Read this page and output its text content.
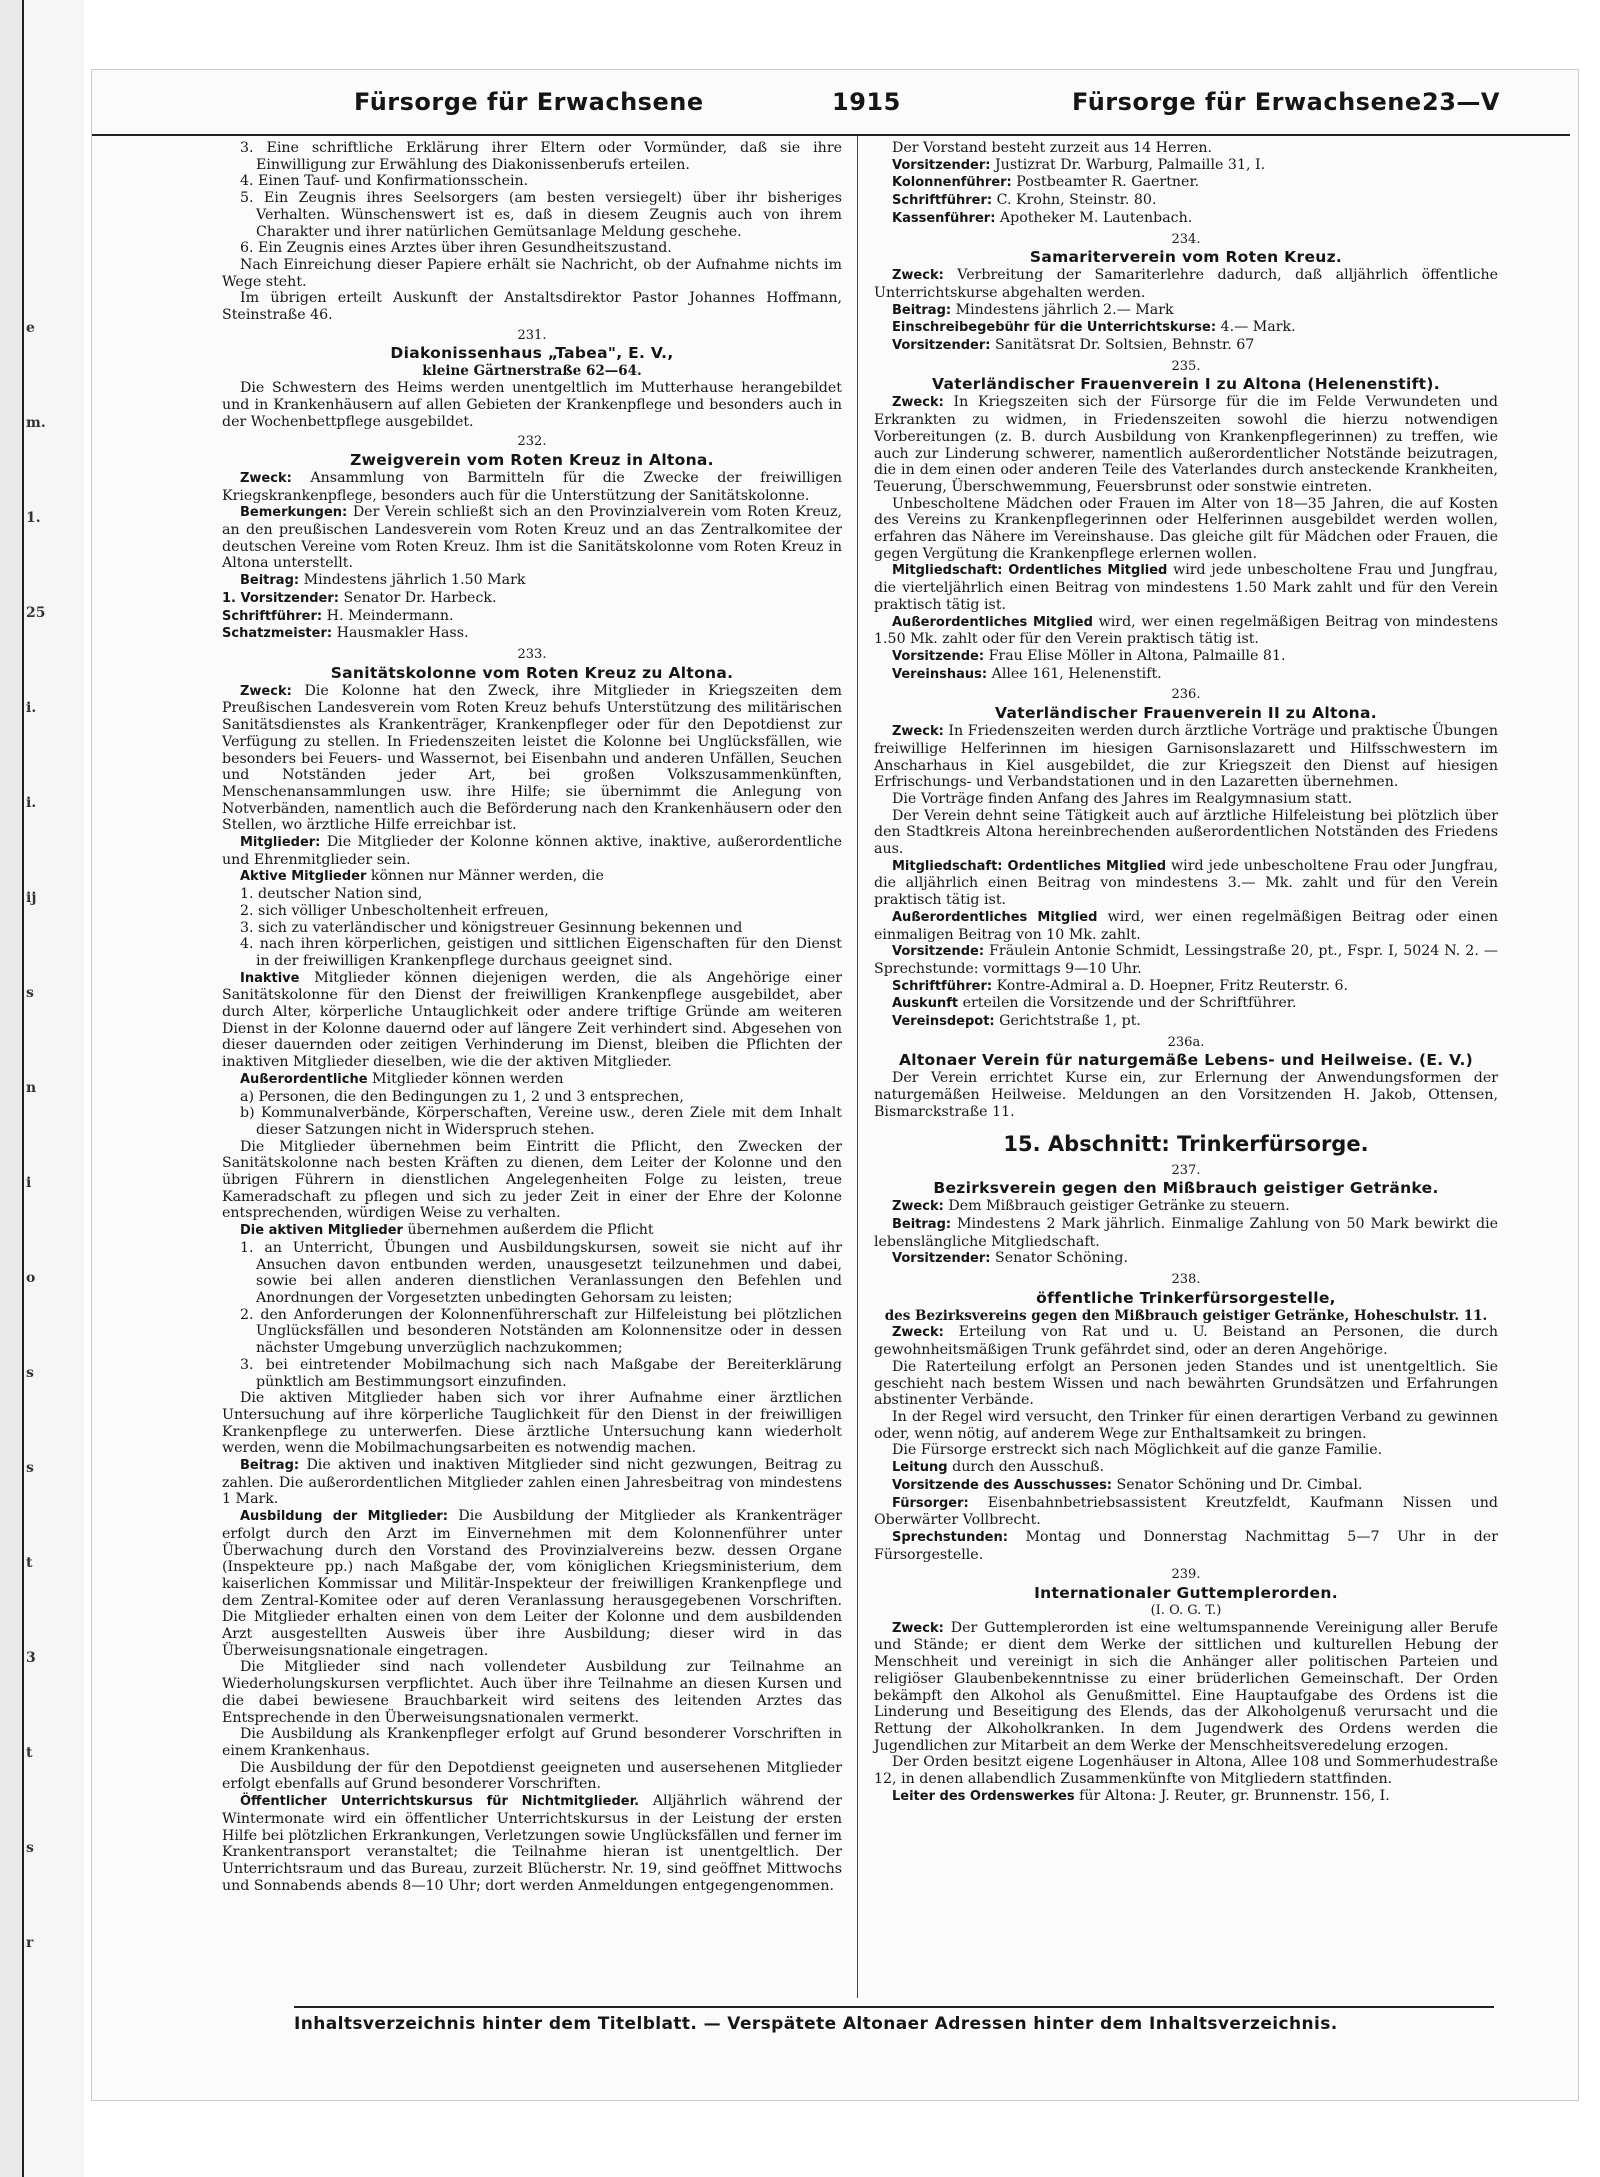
e
m.
1.
25
i.
i.
ij
s
n
i
o
s
s
t
3
t
s
r
Fürsorge für Erwachsene	1915	Fürsorge für Erwachsene 23—V

3. Eine schriftliche Erklärung ihrer Eltern oder Vormünder, daß sie ihre Einwilligung zur Erwählung des Diakonissenberufs erteilen.

4. Einen Tauf- und Konfirmationsschein.

5. Ein Zeugnis ihres Seelsorgers (am besten versiegelt) über ihr bisheriges Verhalten. Wünschenswert ist es, daß in diesem Zeugnis auch von ihrem Charakter und ihrer natürlichen Gemütsanlage Meldung geschehe.

6. Ein Zeugnis eines Arztes über ihren Gesundheitszustand.

Nach Einreichung dieser Papiere erhält sie Nachricht, ob der Aufnahme nichts im Wege steht.

Im übrigen erteilt Auskunft der Anstaltsdirektor Pastor Johannes Hoffmann, Steinstraße 46.

231.
Diakonissenhaus „Tabea", E. V.,
kleine Gärtnerstraße 62—64.

Die Schwestern des Heims werden unentgeltlich im Mutterhause herangebildet und in Krankenhäusern auf allen Gebieten der Krankenpflege und besonders auch in der Wochenbettpflege ausgebildet.

232.
Zweigverein vom Roten Kreuz in Altona.

Zweck: Ansammlung von Barmitteln für die Zwecke der freiwilligen Kriegskrankenpflege, besonders auch für die Unterstützung der Sanitätskolonne.

Bemerkungen: Der Verein schließt sich an den Provinzialverein vom Roten Kreuz, an den preußischen Landesverein vom Roten Kreuz und an das Zentralkomitee der deutschen Vereine vom Roten Kreuz. Ihm ist die Sanitätskolonne vom Roten Kreuz in Altona unterstellt.

Beitrag: Mindestens jährlich 1.50 Mark

1. Vorsitzender: Senator Dr. Harbeck.

Schriftführer: H. Meindermann.

Schatzmeister: Hausmakler Hass.

233.
Sanitätskolonne vom Roten Kreuz zu Altona.

Zweck: Die Kolonne hat den Zweck, ihre Mitglieder in Kriegszeiten dem Preußischen Landesverein vom Roten Kreuz behufs Unterstützung des militärischen Sanitätsdienstes als Krankenträger, Krankenpfleger oder für den Depotdienst zur Verfügung zu stellen. In Friedenszeiten leistet die Kolonne bei Unglücksfällen, wie besonders bei Feuers- und Wassernot, bei Eisenbahn und anderen Unfällen, Seuchen und Notständen jeder Art, bei großen Volkszusammenkünften, Menschenansammlungen usw. ihre Hilfe; sie übernimmt die Anlegung von Notverbänden, namentlich auch die Beförderung nach den Krankenhäusern oder den Stellen, wo ärztliche Hilfe erreichbar ist.

Mitglieder: Die Mitglieder der Kolonne können aktive, inaktive, außerordentliche und Ehrenmitglieder sein.

Aktive Mitglieder können nur Männer werden, die

1. deutscher Nation sind,

2. sich völliger Unbescholtenheit erfreuen,

3. sich zu vaterländischer und königstreuer Gesinnung bekennen und

4. nach ihren körperlichen, geistigen und sittlichen Eigenschaften für den Dienst in der freiwilligen Krankenpflege durchaus geeignet sind.

Inaktive Mitglieder können diejenigen werden, die als Angehörige einer Sanitätskolonne für den Dienst der freiwilligen Krankenpflege ausgebildet, aber durch Alter, körperliche Untauglichkeit oder andere triftige Gründe am weiteren Dienst in der Kolonne dauernd oder auf längere Zeit verhindert sind. Abgesehen von dieser dauernden oder zeitigen Verhinderung im Dienst, bleiben die Pflichten der inaktiven Mitglieder dieselben, wie die der aktiven Mitglieder.

Außerordentliche Mitglieder können werden

a) Personen, die den Bedingungen zu 1, 2 und 3 entsprechen,

b) Kommunalverbände, Körperschaften, Vereine usw., deren Ziele mit dem Inhalt dieser Satzungen nicht in Widerspruch stehen.

Die Mitglieder übernehmen beim Eintritt die Pflicht, den Zwecken der Sanitätskolonne nach besten Kräften zu dienen, dem Leiter der Kolonne und den übrigen Führern in dienstlichen Angelegenheiten Folge zu leisten, treue Kameradschaft zu pflegen und sich zu jeder Zeit in einer der Ehre der Kolonne entsprechenden, würdigen Weise zu verhalten.

Die aktiven Mitglieder übernehmen außerdem die Pflicht

1. an Unterricht, Übungen und Ausbildungskursen, soweit sie nicht auf ihr Ansuchen davon entbunden werden, unausgesetzt teilzunehmen und dabei, sowie bei allen anderen dienstlichen Veranlassungen den Befehlen und Anordnungen der Vorgesetzten unbedingten Gehorsam zu leisten;

2. den Anforderungen der Kolonnenführerschaft zur Hilfeleistung bei plötzlichen Unglücksfällen und besonderen Notständen am Kolonnensitze oder in dessen nächster Umgebung unverzüglich nachzukommen;

3. bei eintretender Mobilmachung sich nach Maßgabe der Bereiterklärung pünktlich am Bestimmungsort einzufinden.

Die aktiven Mitglieder haben sich vor ihrer Aufnahme einer ärztlichen Untersuchung auf ihre körperliche Tauglichkeit für den Dienst in der freiwilligen Krankenpflege zu unterwerfen. Diese ärztliche Untersuchung kann wiederholt werden, wenn die Mobilmachungsarbeiten es notwendig machen.

Beitrag: Die aktiven und inaktiven Mitglieder sind nicht gezwungen, Beitrag zu zahlen. Die außerordentlichen Mitglieder zahlen einen Jahresbeitrag von mindestens 1 Mark.

Ausbildung der Mitglieder: Die Ausbildung der Mitglieder als Krankenträger erfolgt durch den Arzt im Einvernehmen mit dem Kolonnenführer unter Überwachung durch den Vorstand des Provinzialvereins bezw. dessen Organe (Inspekteure pp.) nach Maßgabe der, vom königlichen Kriegsministerium, dem kaiserlichen Kommissar und Militär-Inspekteur der freiwilligen Krankenpflege und dem Zentral-Komitee oder auf deren Veranlassung herausgegebenen Vorschriften. Die Mitglieder erhalten einen von dem Leiter der Kolonne und dem ausbildenden Arzt ausgestellten Ausweis über ihre Ausbildung; dieser wird in das Überweisungsnationale eingetragen.

Die Mitglieder sind nach vollendeter Ausbildung zur Teilnahme an Wiederholungskursen verpflichtet. Auch über ihre Teilnahme an diesen Kursen und die dabei bewiesene Brauchbarkeit wird seitens des leitenden Arztes das Entsprechende in den Überweisungsnationalen vermerkt.

Die Ausbildung als Krankenpfleger erfolgt auf Grund besonderer Vorschriften in einem Krankenhaus.

Die Ausbildung der für den Depotdienst geeigneten und ausersehenen Mitglieder erfolgt ebenfalls auf Grund besonderer Vorschriften.

Öffentlicher Unterrichtskursus für Nichtmitglieder. Alljährlich während der Wintermonate wird ein öffentlicher Unterrichtskursus in der Leistung der ersten Hilfe bei plötzlichen Erkrankungen, Verletzungen sowie Unglücksfällen und ferner im Krankentransport veranstaltet; die Teilnahme hieran ist unentgeltlich. Der Unterrichtsraum und das Bureau, zurzeit Blücherstr. Nr. 19, sind geöffnet Mittwochs und Sonnabends abends 8—10 Uhr; dort werden Anmeldungen entgegengenommen.

Der Vorstand besteht zurzeit aus 14 Herren.

Vorsitzender: Justizrat Dr. Warburg, Palmaille 31, I.

Kolonnenführer: Postbeamter R. Gaertner.

Schriftführer: C. Krohn, Steinstr. 80.

Kassenführer: Apotheker M. Lautenbach.

234.
Samariterverein vom Roten Kreuz.

Zweck: Verbreitung der Samariterlehre dadurch, daß alljährlich öffentliche Unterrichtskurse abgehalten werden.

Beitrag: Mindestens jährlich 2.— Mark

Einschreibegebühr für die Unterrichtskurse: 4.— Mark.

Vorsitzender: Sanitätsrat Dr. Soltsien, Behnstr. 67

235.
Vaterländischer Frauenverein I zu Altona (Helenenstift).

Zweck: In Kriegszeiten sich der Fürsorge für die im Felde Verwundeten und Erkrankten zu widmen, in Friedenszeiten sowohl die hierzu notwendigen Vorbereitungen (z. B. durch Ausbildung von Krankenpflegerinnen) zu treffen, wie auch zur Linderung schwerer, namentlich außerordentlicher Notstände beizutragen, die in dem einen oder anderen Teile des Vaterlandes durch ansteckende Krankheiten, Teuerung, Überschwemmung, Feuersbrunst oder sonstwie eintreten.

Unbescholtene Mädchen oder Frauen im Alter von 18—35 Jahren, die auf Kosten des Vereins zu Krankenpflegerinnen oder Helferinnen ausgebildet werden wollen, erfahren das Nähere im Vereinshause. Das gleiche gilt für Mädchen oder Frauen, die gegen Vergütung die Krankenpflege erlernen wollen.

Mitgliedschaft: Ordentliches Mitglied wird jede unbescholtene Frau und Jungfrau, die vierteljährlich einen Beitrag von mindestens 1.50 Mark zahlt und für den Verein praktisch tätig ist.

Außerordentliches Mitglied wird, wer einen regelmäßigen Beitrag von mindestens 1.50 Mk. zahlt oder für den Verein praktisch tätig ist.

Vorsitzende: Frau Elise Möller in Altona, Palmaille 81.

Vereinshaus: Allee 161, Helenenstift.

236.
Vaterländischer Frauenverein II zu Altona.

Zweck: In Friedenszeiten werden durch ärztliche Vorträge und praktische Übungen freiwillige Helferinnen im hiesigen Garnisonslazarett und Hilfsschwestern im Anscharhaus in Kiel ausgebildet, die zur Kriegszeit den Dienst auf hiesigen Erfrischungs- und Verbandstationen und in den Lazaretten übernehmen.

Die Vorträge finden Anfang des Jahres im Realgymnasium statt.

Der Verein dehnt seine Tätigkeit auch auf ärztliche Hilfeleistung bei plötzlich über den Stadtkreis Altona hereinbrechenden außerordentlichen Notständen des Friedens aus.

Mitgliedschaft: Ordentliches Mitglied wird jede unbescholtene Frau oder Jungfrau, die alljährlich einen Beitrag von mindestens 3.— Mk. zahlt und für den Verein praktisch tätig ist.

Außerordentliches Mitglied wird, wer einen regelmäßigen Beitrag oder einen einmaligen Beitrag von 10 Mk. zahlt.

Vorsitzende: Fräulein Antonie Schmidt, Lessingstraße 20, pt., Fspr. I, 5024 N. 2. — Sprechstunde: vormittags 9—10 Uhr.

Schriftführer: Kontre-Admiral a. D. Hoepner, Fritz Reuterstr. 6.

Auskunft erteilen die Vorsitzende und der Schriftführer.

Vereinsdepot: Gerichtstraße 1, pt.

236a.
Altonaer Verein für naturgemäße Lebens- und Heilweise. (E. V.)

Der Verein errichtet Kurse ein, zur Erlernung der Anwendungsformen der naturgemäßen Heilweise. Meldungen an den Vorsitzenden H. Jakob, Ottensen, Bismarckstraße 11.

15. Abschnitt: Trinkerfürsorge.
237.
Bezirksverein gegen den Mißbrauch geistiger Getränke.

Zweck: Dem Mißbrauch geistiger Getränke zu steuern.

Beitrag: Mindestens 2 Mark jährlich. Einmalige Zahlung von 50 Mark bewirkt die lebenslängliche Mitgliedschaft.

Vorsitzender: Senator Schöning.

238.
öffentliche Trinkerfürsorgestelle,
des Bezirksvereins gegen den Mißbrauch geistiger Getränke, Hoheschulstr. 11.

Zweck: Erteilung von Rat und u. U. Beistand an Personen, die durch gewohnheitsmäßigen Trunk gefährdet sind, oder an deren Angehörige.

Die Raterteilung erfolgt an Personen jeden Standes und ist unentgeltlich. Sie geschieht nach bestem Wissen und nach bewährten Grundsätzen und Erfahrungen abstinenter Verbände.

In der Regel wird versucht, den Trinker für einen derartigen Verband zu gewinnen oder, wenn nötig, auf anderem Wege zur Enthaltsamkeit zu bringen.

Die Fürsorge erstreckt sich nach Möglichkeit auf die ganze Familie.

Leitung durch den Ausschuß.

Vorsitzende des Ausschusses: Senator Schöning und Dr. Cimbal.

Fürsorger: Eisenbahnbetriebsassistent Kreutzfeldt, Kaufmann Nissen und Oberwärter Vollbrecht.

Sprechstunden: Montag und Donnerstag Nachmittag 5—7 Uhr in der Fürsorgestelle.

239.
Internationaler Guttemplerorden.
(I. O. G. T.)

Zweck: Der Guttemplerorden ist eine weltumspannende Vereinigung aller Berufe und Stände; er dient dem Werke der sittlichen und kulturellen Hebung der Menschheit und vereinigt in sich die Anhänger aller politischen Parteien und religiöser Glaubenbekenntnisse zu einer brüderlichen Gemeinschaft. Der Orden bekämpft den Alkohol als Genußmittel. Eine Hauptaufgabe des Ordens ist die Linderung und Beseitigung des Elends, das der Alkoholgenuß verursacht und die Rettung der Alkoholkranken. In dem Jugendwerk des Ordens werden die Jugendlichen zur Mitarbeit an dem Werke der Menschheitsveredelung erzogen.

Der Orden besitzt eigene Logenhäuser in Altona, Allee 108 und Sommerhudestraße 12, in denen allabendlich Zusammenkünfte von Mitgliedern stattfinden.

Leiter des Ordenswerkes für Altona: J. Reuter, gr. Brunnenstr. 156, I.

Inhaltsverzeichnis hinter dem Titelblatt. — Verspätete Altonaer Adressen hinter dem Inhaltsverzeichnis.
